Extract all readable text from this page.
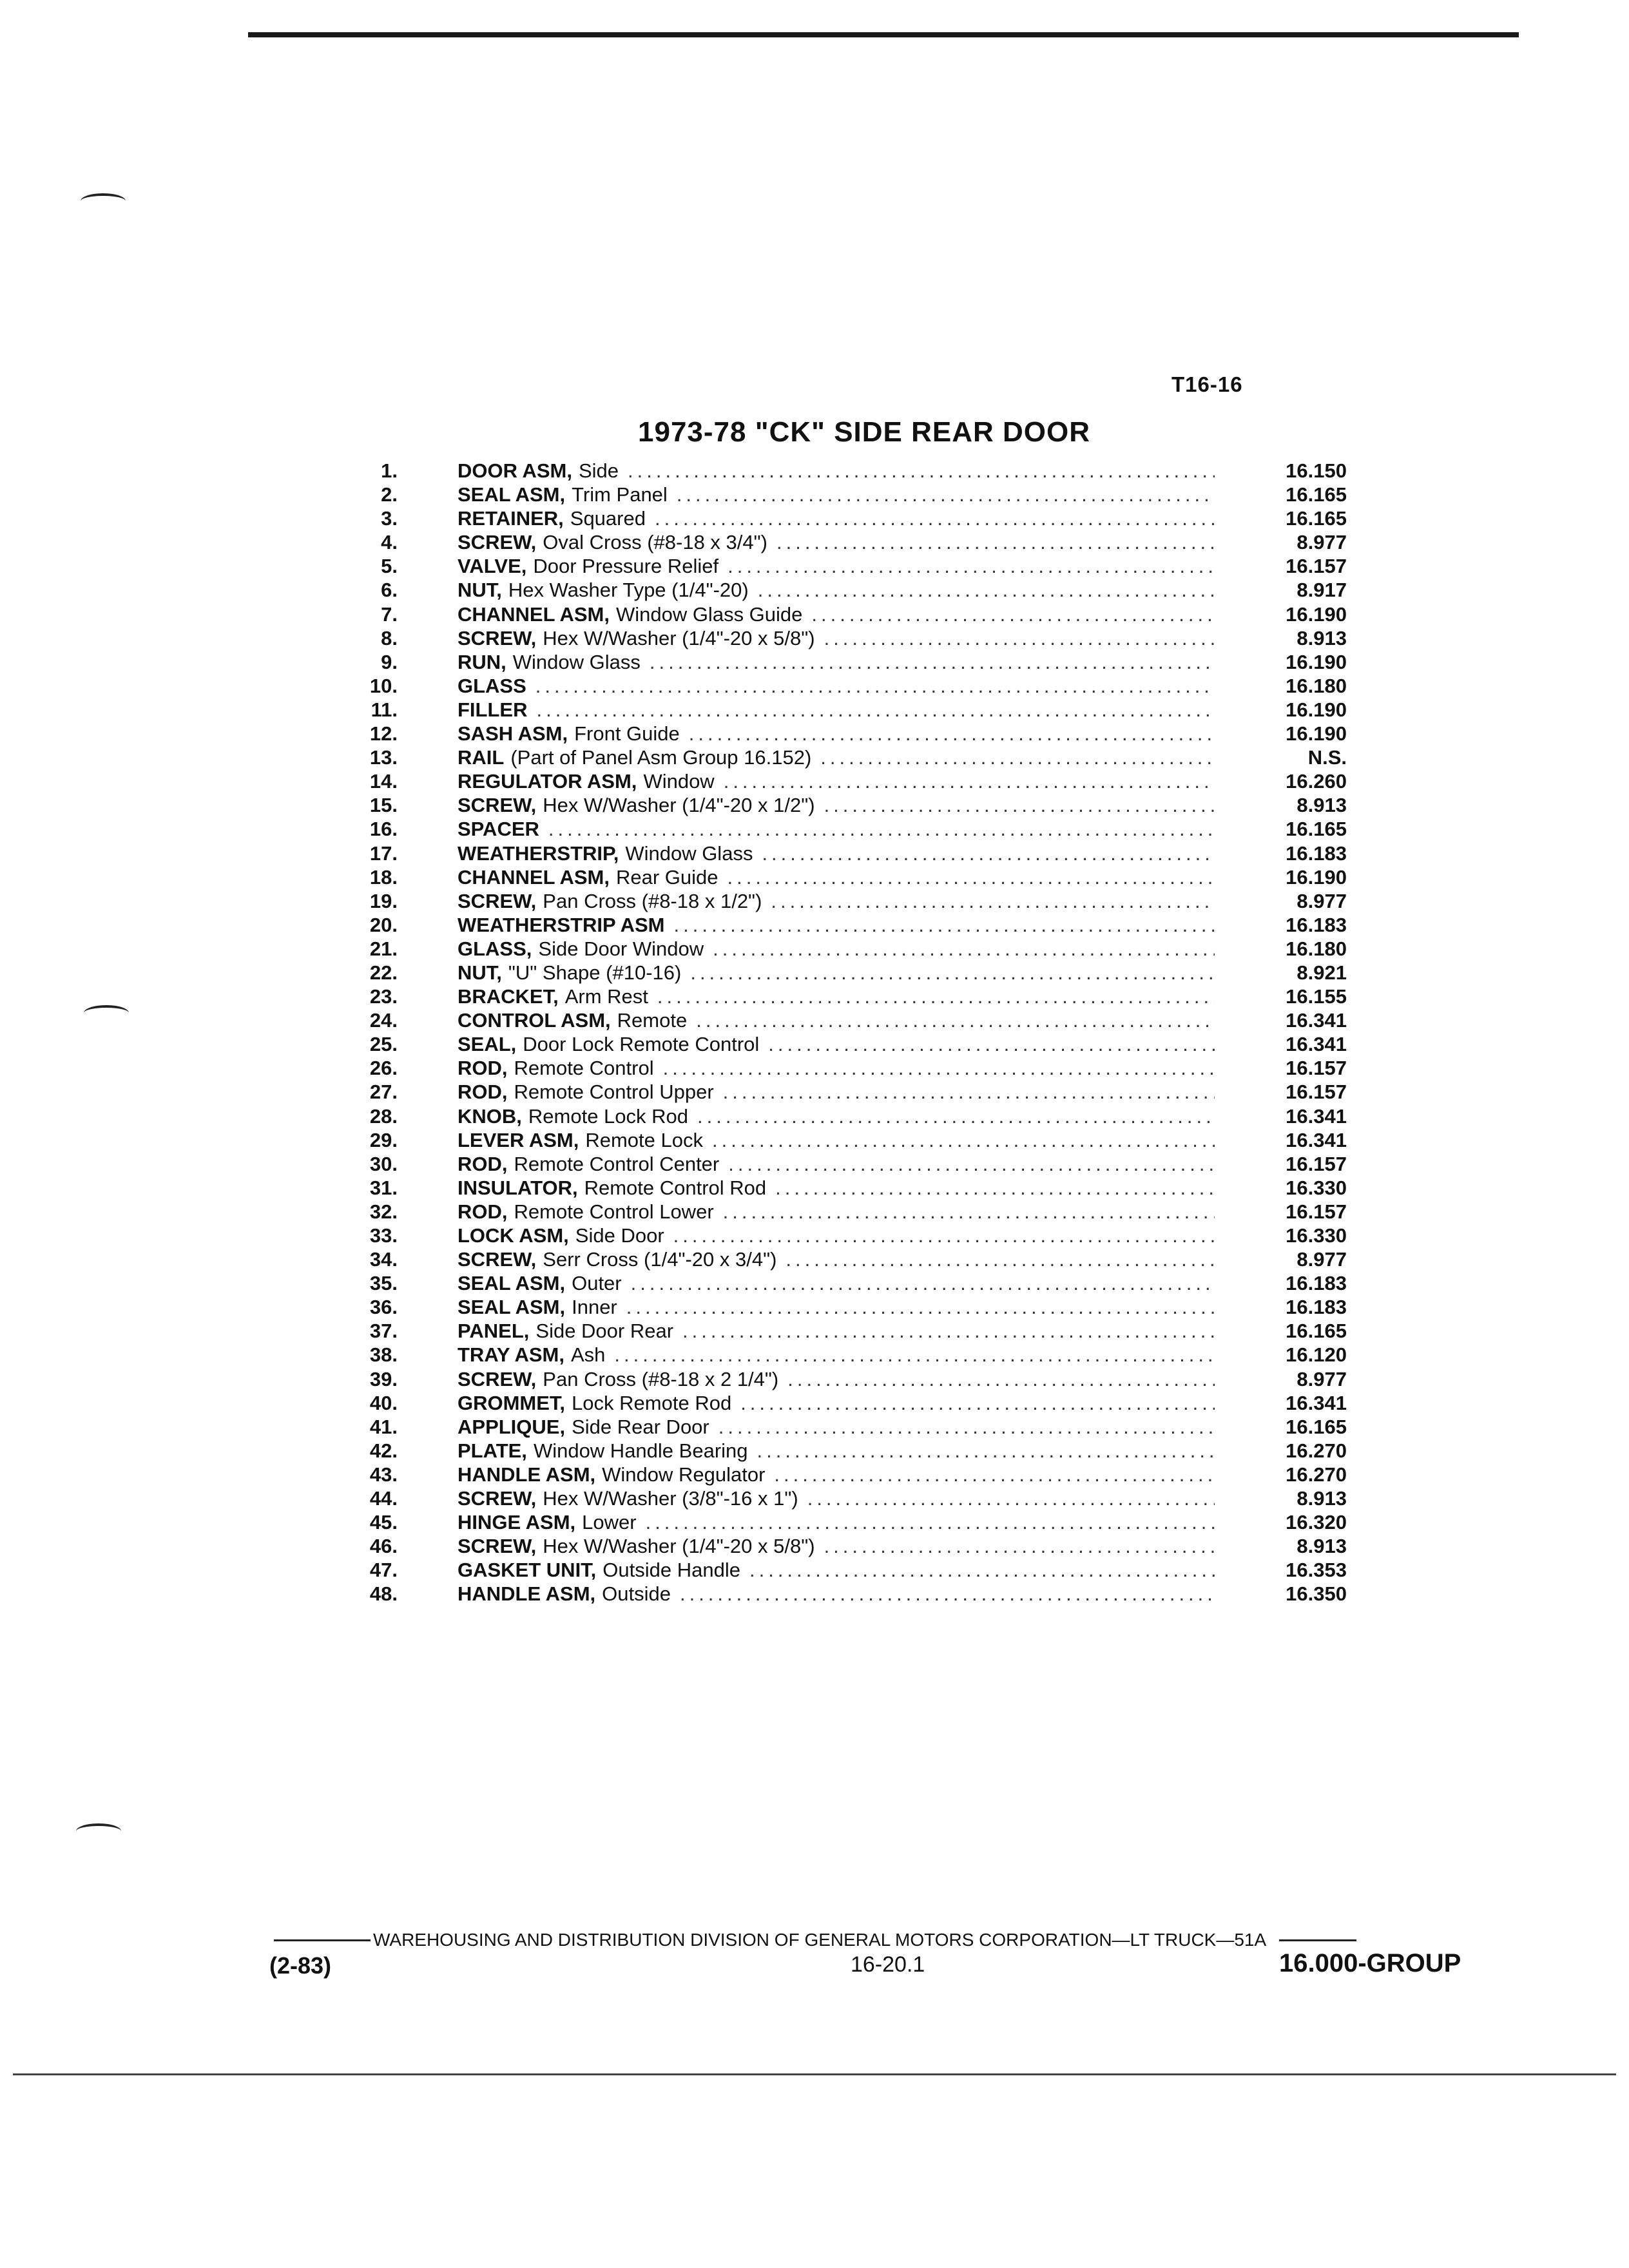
T16-16
1973-78 "CK" SIDE REAR DOOR
1.	DOOR ASM, Side .....	16.150
2.	SEAL ASM, Trim Panel .....	16.165
3.	RETAINER, Squared .....	16.165
4.	SCREW, Oval Cross (#8-18 x 3/4") .....	8.977
5.	VALVE, Door Pressure Relief .....	16.157
6.	NUT, Hex Washer Type (1/4"-20) .....	8.917
7.	CHANNEL ASM, Window Glass Guide .....	16.190
8.	SCREW, Hex W/Washer (1/4"-20 x 5/8") .....	8.913
9.	RUN, Window Glass .....	16.190
10.	GLASS .....	16.180
11.	FILLER .....	16.190
12.	SASH ASM, Front Guide .....	16.190
13.	RAIL (Part of Panel Asm Group 16.152) .....	N.S.
14.	REGULATOR ASM, Window .....	16.260
15.	SCREW, Hex W/Washer (1/4"-20 x 1/2") .....	8.913
16.	SPACER .....	16.165
17.	WEATHERSTRIP, Window Glass .....	16.183
18.	CHANNEL ASM, Rear Guide .....	16.190
19.	SCREW, Pan Cross (#8-18 x 1/2") .....	8.977
20.	WEATHERSTRIP ASM .....	16.183
21.	GLASS, Side Door Window .....	16.180
22.	NUT, "U" Shape (#10-16) .....	8.921
23.	BRACKET, Arm Rest .....	16.155
24.	CONTROL ASM, Remote .....	16.341
25.	SEAL, Door Lock Remote Control .....	16.341
26.	ROD, Remote Control .....	16.157
27.	ROD, Remote Control Upper .....	16.157
28.	KNOB, Remote Lock Rod .....	16.341
29.	LEVER ASM, Remote Lock .....	16.341
30.	ROD, Remote Control Center .....	16.157
31.	INSULATOR, Remote Control Rod .....	16.330
32.	ROD, Remote Control Lower .....	16.157
33.	LOCK ASM, Side Door .....	16.330
34.	SCREW, Serr Cross (1/4"-20 x 3/4") .....	8.977
35.	SEAL ASM, Outer .....	16.183
36.	SEAL ASM, Inner .....	16.183
37.	PANEL, Side Door Rear .....	16.165
38.	TRAY ASM, Ash .....	16.120
39.	SCREW, Pan Cross (#8-18 x 2 1/4") .....	8.977
40.	GROMMET, Lock Remote Rod .....	16.341
41.	APPLIQUE, Side Rear Door .....	16.165
42.	PLATE, Window Handle Bearing .....	16.270
43.	HANDLE ASM, Window Regulator .....	16.270
44.	SCREW, Hex W/Washer (3/8"-16 x 1") .....	8.913
45.	HINGE ASM, Lower .....	16.320
46.	SCREW, Hex W/Washer (1/4"-20 x 5/8") .....	8.913
47.	GASKET UNIT, Outside Handle .....	16.353
48.	HANDLE ASM, Outside .....	16.350
WAREHOUSING AND DISTRIBUTION DIVISION OF GENERAL MOTORS CORPORATION—LT TRUCK—51A
(2-83)	16-20.1	16.000-GROUP
